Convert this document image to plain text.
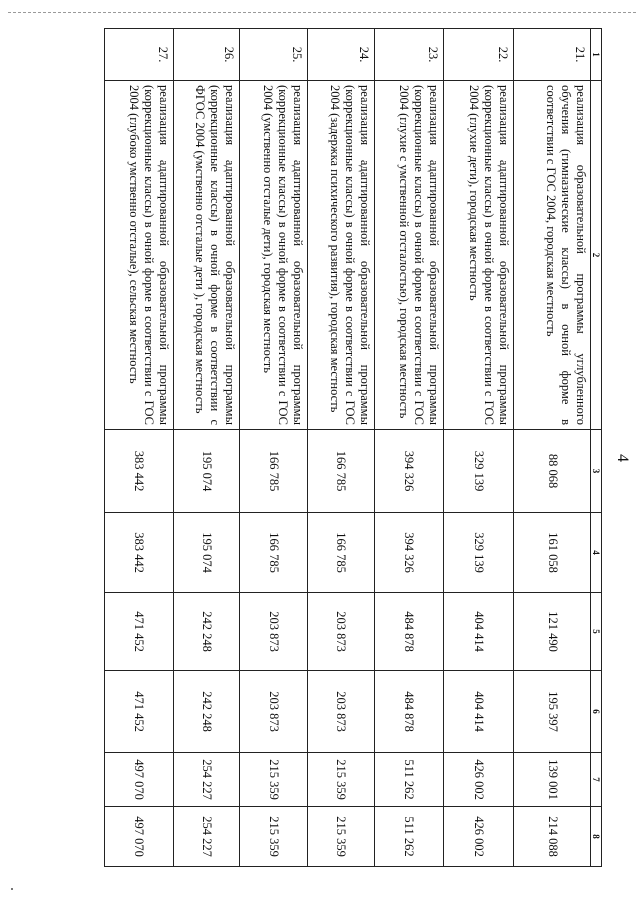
4
1	2	3	4	5	6	7	8
21.	реализация образовательной программы углубленного обучения (гимназические классы) в очной форме в соответствии с ГОС 2004, городская местность	88 068	161 058	121 490	195 397	139 001	214 088
22.	реализация адаптированной образовательной программы (коррекционные классы) в очной форме в соответствии с ГОС 2004 (глухие дети), городская местность	329 139	329 139	404 414	404 414	426 002	426 002
23.	реализация адаптированной образовательной программы (коррекционные классы) в очной форме в соответствии с ГОС 2004 (глухие с умственной отсталостью), городская местность	394 326	394 326	484 878	484 878	511 262	511 262
24.	реализация адаптированной образовательной программы (коррекционные классы) в очной форме в соответствии с ГОС 2004 (задержка психического развития), городская местность	166 785	166 785	203 873	203 873	215 359	215 359
25.	реализация адаптированной образовательной программы (коррекционные классы) в очной форме в соответствии с ГОС 2004 (умственно отсталые дети), городская местность	166 785	166 785	203 873	203 873	215 359	215 359
26.	реализация адаптированной образовательной программы (коррекционные классы) в очной форме в соответствии с ФГОС 2004 (умственно отсталые дети ), городская местность	195 074	195 074	242 248	242 248	254 227	254 227
27.	реализация адаптированной образовательной программы (коррекционные классы) в очной форме в соответствии с ГОС 2004 (глубоко умственно отсталые), сельская местность	383 442	383 442	471 452	471 452	497 070	497 070
